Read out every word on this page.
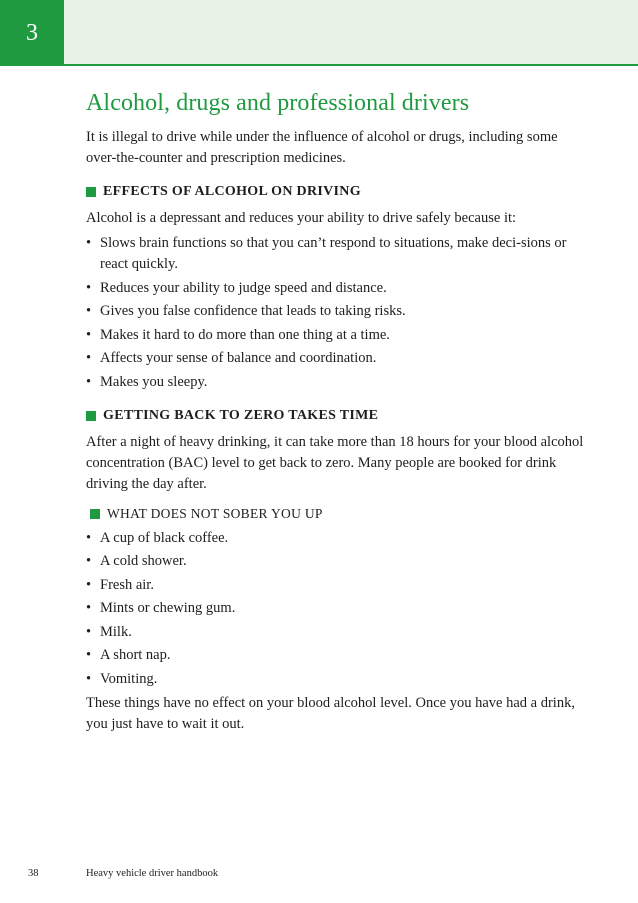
3
Alcohol, drugs and professional drivers

It is illegal to drive while under the influence of alcohol or drugs, including some over-the-counter and prescription medicines.

EFFECTS OF ALCOHOL ON DRIVING

Alcohol is a depressant and reduces your ability to drive safely because it:

• Slows brain functions so that you can’t respond to situations, make deci-sions or react quickly.
• Reduces your ability to judge speed and distance.
• Gives you false confidence that leads to taking risks.
• Makes it hard to do more than one thing at a time.
• Affects your sense of balance and coordination.
• Makes you sleepy.
GETTING BACK TO ZERO TAKES TIME

After a night of heavy drinking, it can take more than 18 hours for your blood alcohol concentration (BAC) level to get back to zero. Many people are booked for drink driving the day after.

WHAT DOES NOT SOBER YOU UP
• A cup of black coffee.
• A cold shower.
• Fresh air.
• Mints or chewing gum.
• Milk.
• A short nap.
• Vomiting.

These things have no effect on your blood alcohol level. Once you have had a drink, you just have to wait it out.

38	Heavy vehicle driver handbook
